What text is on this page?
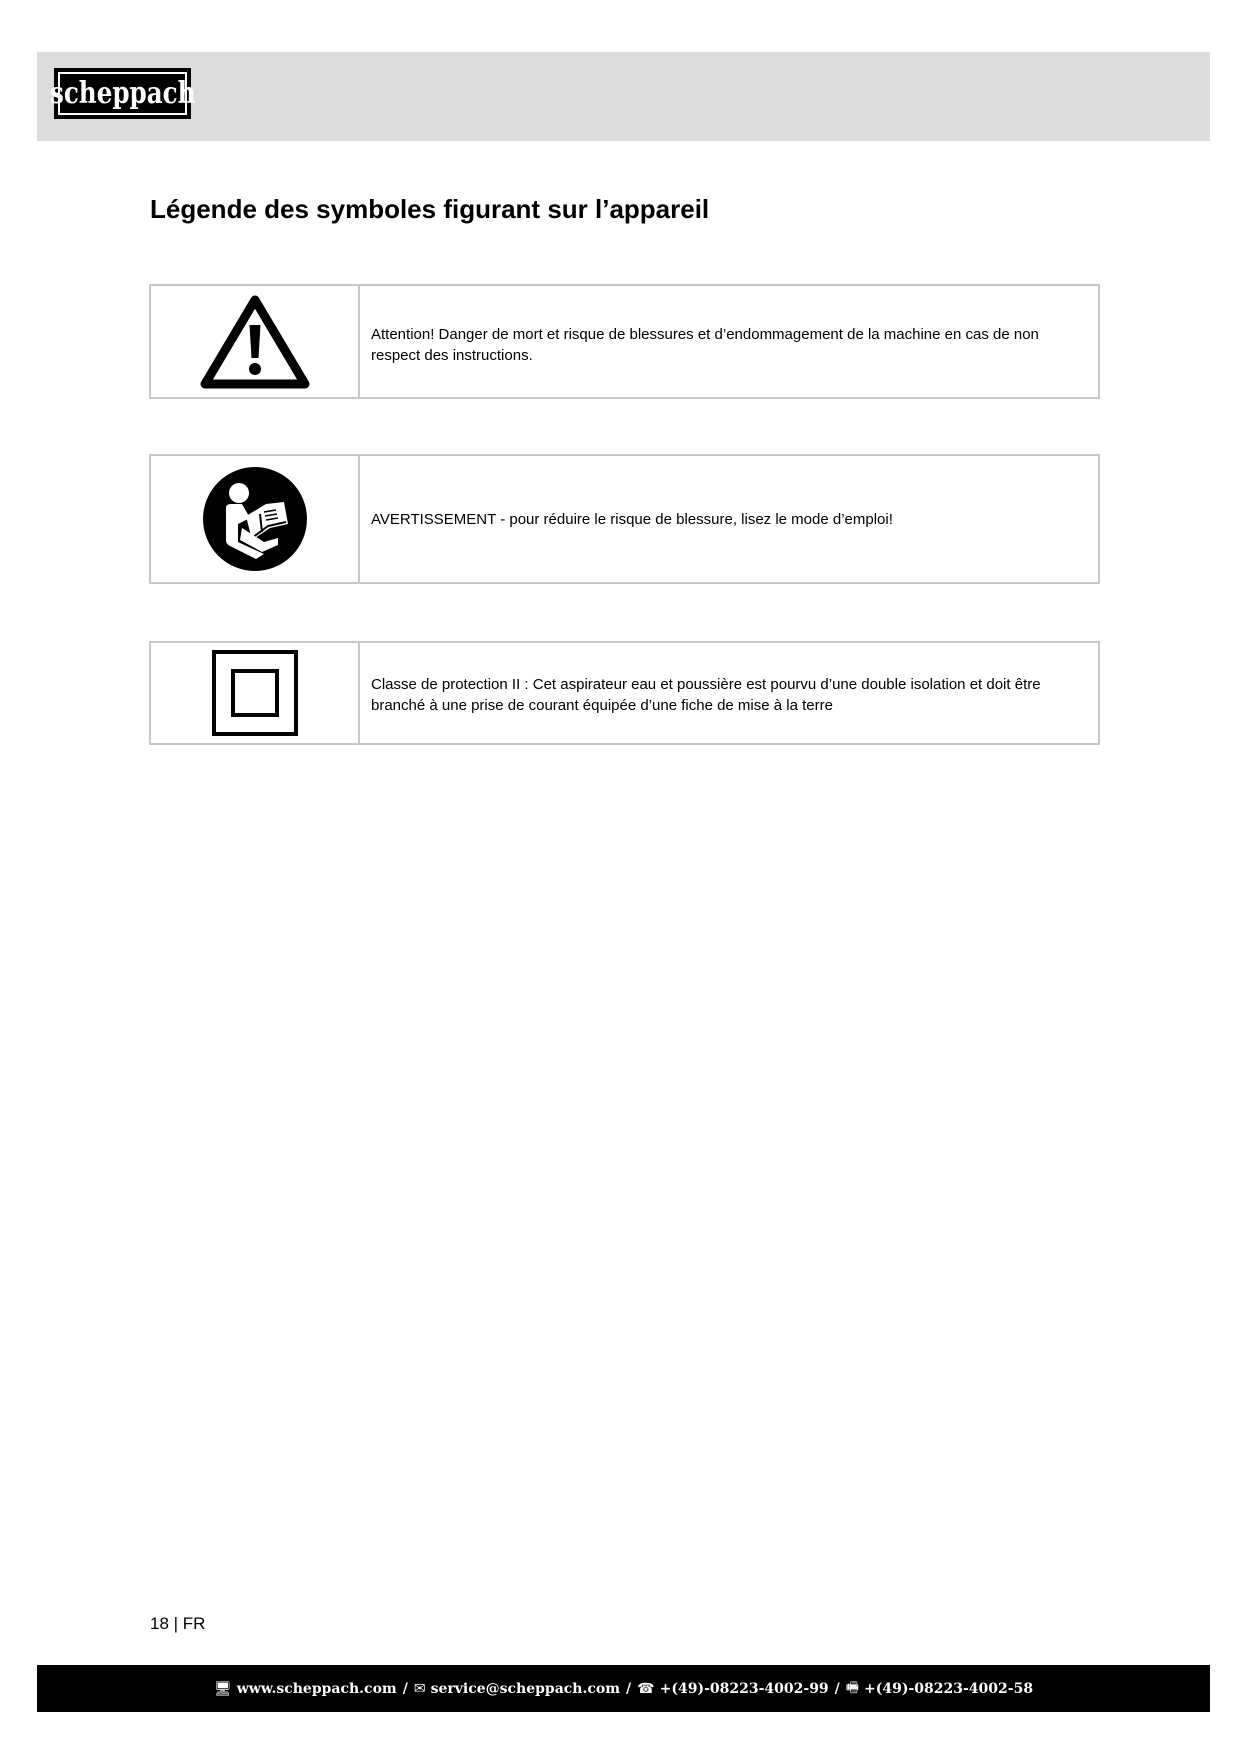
scheppach
Légende des symboles figurant sur l’appareil
Attention! Danger de mort et risque de blessures et d’endommagement de la machine en cas de non respect des instructions.
AVERTISSEMENT - pour réduire le risque de blessure, lisez le mode d’emploi!
Classe de protection II : Cet aspirateur eau et poussière est pourvu d’une double isolation et doit être branché à une prise de courant équipée d’une fiche de mise à la terre
18 | FR
🖥 www.scheppach.com / ✉ service@scheppach.com / ☎ +(49)-08223-4002-99 / 🖷 +(49)-08223-4002-58
